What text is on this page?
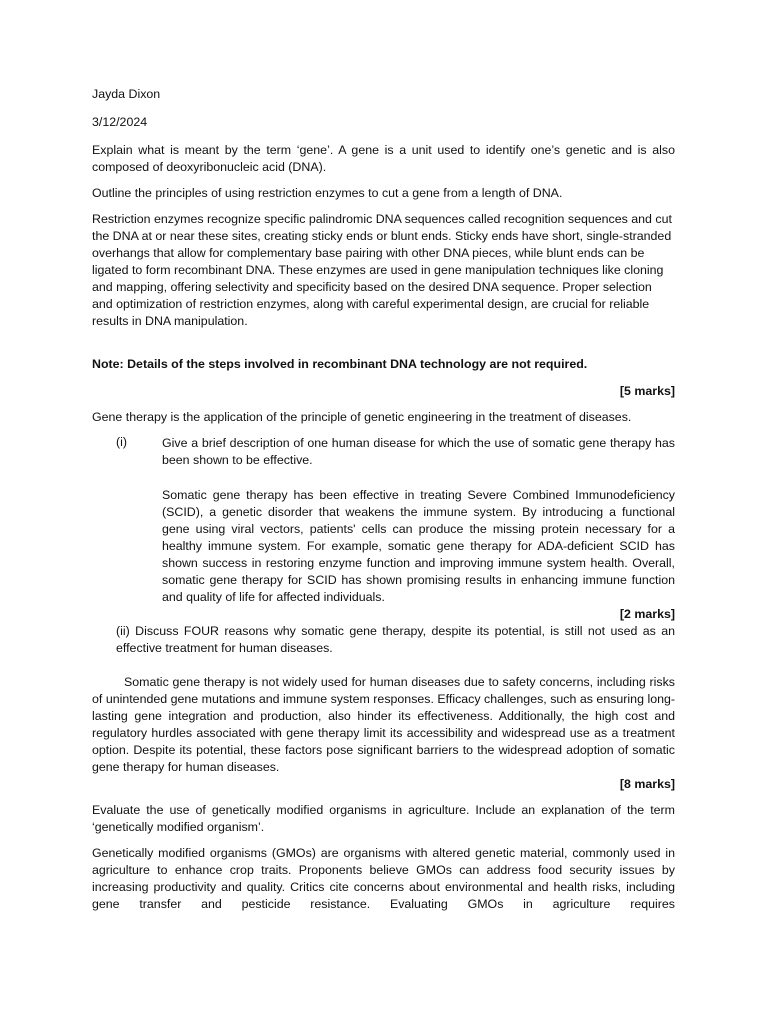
Jayda Dixon

3/12/2024

Explain what is meant by the term ‘gene’. A gene is a unit used to identify one’s genetic and is also composed of deoxyribonucleic acid (DNA).

Outline the principles of using restriction enzymes to cut a gene from a length of DNA.

Restriction enzymes recognize specific palindromic DNA sequences called recognition sequences and cut the DNA at or near these sites, creating sticky ends or blunt ends. Sticky ends have short, single-stranded overhangs that allow for complementary base pairing with other DNA pieces, while blunt ends can be ligated to form recombinant DNA. These enzymes are used in gene manipulation techniques like cloning and mapping, offering selectivity and specificity based on the desired DNA sequence. Proper selection and optimization of restriction enzymes, along with careful experimental design, are crucial for reliable results in DNA manipulation.

Note: Details of the steps involved in recombinant DNA technology are not required.

[5 marks]

Gene therapy is the application of the principle of genetic engineering in the treatment of diseases.

(i)	Give a brief description of one human disease for which the use of somatic gene therapy has been shown to be effective.

Somatic gene therapy has been effective in treating Severe Combined Immunodeficiency (SCID), a genetic disorder that weakens the immune system. By introducing a functional gene using viral vectors, patients' cells can produce the missing protein necessary for a healthy immune system. For example, somatic gene therapy for ADA-deficient SCID has shown success in restoring enzyme function and improving immune system health. Overall, somatic gene therapy for SCID has shown promising results in enhancing immune function and quality of life for affected individuals.

[2 marks]

(ii) Discuss FOUR reasons why somatic gene therapy, despite its potential, is still not used as an effective treatment for human diseases.

Somatic gene therapy is not widely used for human diseases due to safety concerns, including risks of unintended gene mutations and immune system responses. Efficacy challenges, such as ensuring long-lasting gene integration and production, also hinder its effectiveness. Additionally, the high cost and regulatory hurdles associated with gene therapy limit its accessibility and widespread use as a treatment option. Despite its potential, these factors pose significant barriers to the widespread adoption of somatic gene therapy for human diseases.

[8 marks]

Evaluate the use of genetically modified organisms in agriculture. Include an explanation of the term ‘genetically modified organism’.

Genetically modified organisms (GMOs) are organisms with altered genetic material, commonly used in agriculture to enhance crop traits. Proponents believe GMOs can address food security issues by increasing productivity and quality. Critics cite concerns about environmental and health risks, including gene transfer and pesticide resistance. Evaluating GMOs in agriculture requires
